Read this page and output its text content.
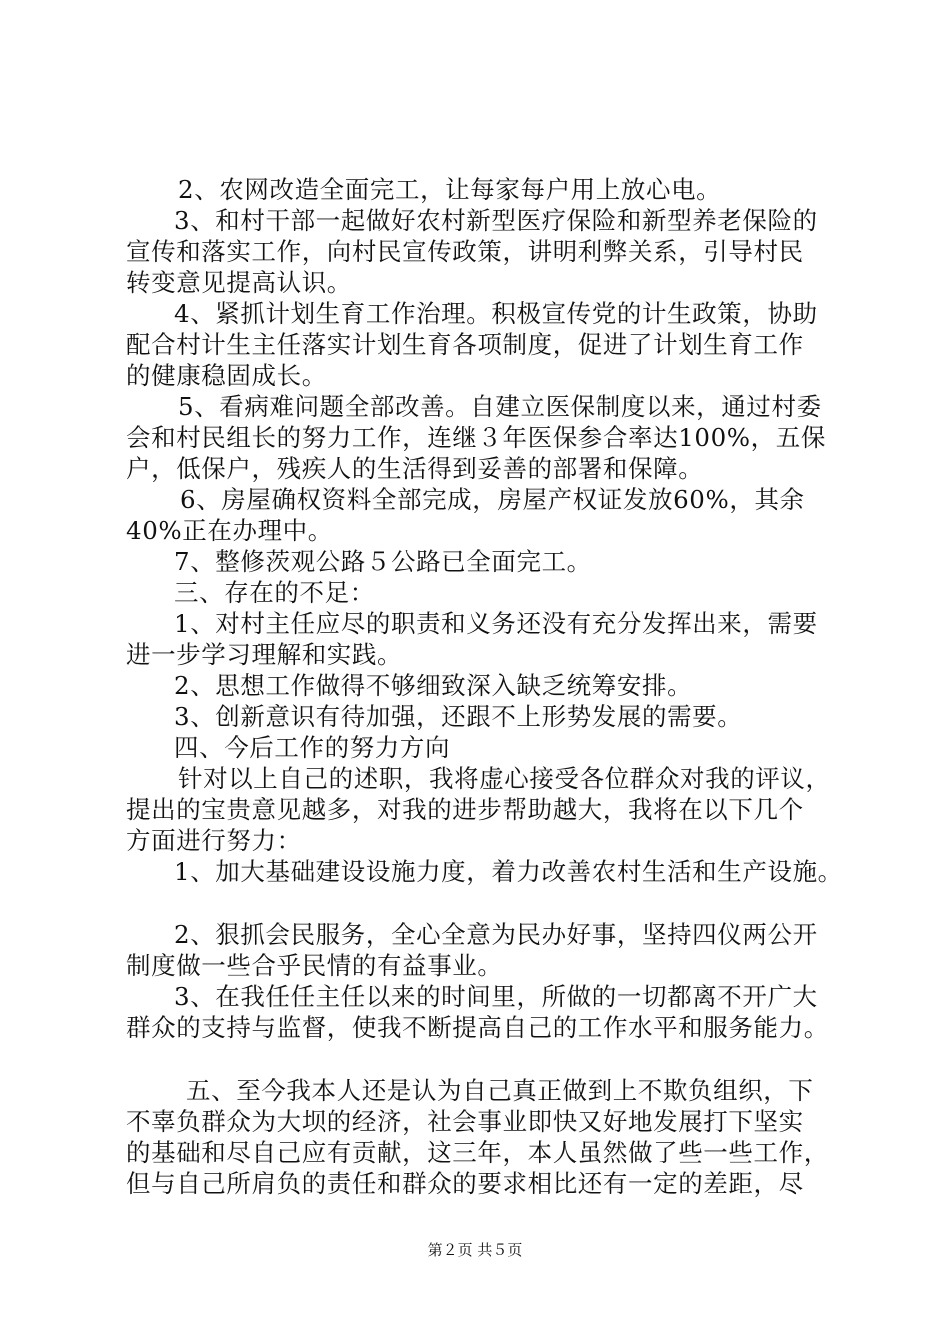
2、农网改造全面完工，让每家每户用上放心电。
3、和村干部一起做好农村新型医疗保险和新型养老保险的
宣传和落实工作，向村民宣传政策，讲明利弊关系，引导村民
转变意见提高认识。
4、紧抓计划生育工作治理。积极宣传党的计生政策，协助
配合村计生主任落实计划生育各项制度，促进了计划生育工作
的健康稳固成长。
5、看病难问题全部改善。自建立医保制度以来，通过村委
会和村民组长的努力工作，连继３年医保参合率达100%，五保
户，低保户，残疾人的生活得到妥善的部署和保障。
6、房屋确权资料全部完成，房屋产权证发放60%，其余
40%正在办理中。
7、整修茨观公路５公路已全面完工。
三、存在的不足：
1、对村主任应尽的职责和义务还没有充分发挥出来，需要
进一步学习理解和实践。
2、思想工作做得不够细致深入缺乏统筹安排。
3、创新意识有待加强，还跟不上形势发展的需要。
四、今后工作的努力方向
针对以上自己的述职，我将虚心接受各位群众对我的评议，
提出的宝贵意见越多，对我的进步帮助越大，我将在以下几个
方面进行努力：
1、加大基础建设设施力度，着力改善农村生活和生产设施。
2、狠抓会民服务，全心全意为民办好事，坚持四仪两公开
制度做一些合乎民情的有益事业。
3、在我任任主任以来的时间里，所做的一切都离不开广大
群众的支持与监督，使我不断提高自己的工作水平和服务能力。
五、至今我本人还是认为自己真正做到上不欺负组织，下
不辜负群众为大坝的经济，社会事业即快又好地发展打下坚实
的基础和尽自己应有贡献，这三年，本人虽然做了些一些工作，
但与自己所肩负的责任和群众的要求相比还有一定的差距，尽
第２页 共５页
